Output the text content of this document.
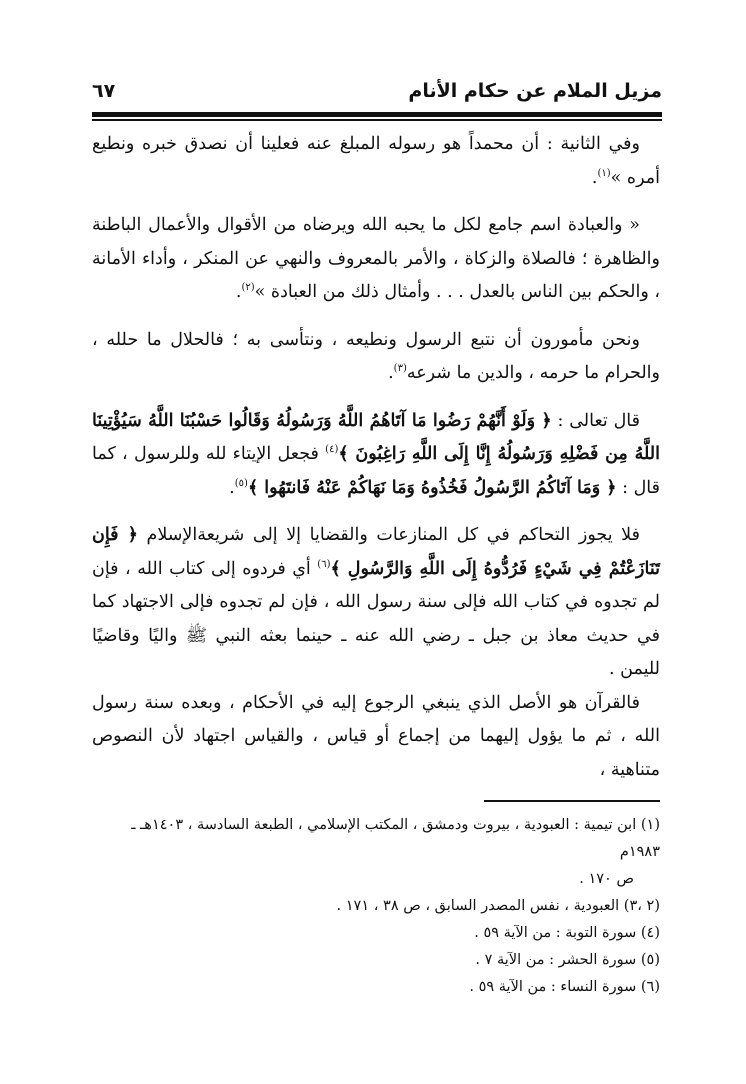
مزيل الملام عن حكام الأنام
٦٧

وفي الثانية : أن محمداً هو رسوله المبلغ عنه فعلينا أن نصدق خبره ونطيع أمره »$^{(١)}$.

« والعبادة اسم جامع لكل ما يحبه الله ويرضاه من الأقوال والأعمال الباطنة والظاهرة ؛ فالصلاة والزكاة ، والأمر بالمعروف والنهي عن المنكر ، وأداء الأمانة ، والحكم بين الناس بالعدل . . . وأمثال ذلك من العبادة »$^{(٢)}$.

ونحن مأمورون أن نتبع الرسول ونطيعه ، ونتأسى به ؛ فالحلال ما حلله ، والحرام ما حرمه ، والدين ما شرعه$^{(٣)}$.

قال تعالى : ﴿ وَلَوْ أَنَّهُمْ رَضُوا مَا آتَاهُمُ اللَّهُ وَرَسُولُهُ وَقَالُوا حَسْبُنَا اللَّهُ سَيُؤْتِينَا اللَّهُ مِن فَضْلِهِ وَرَسُولُهُ إِنَّا إِلَى اللَّهِ رَاغِبُونَ ﴾$^{(٤)}$ فجعل الإيتاء لله وللرسول ، كما قال : ﴿ وَمَا آتَاكُمُ الرَّسُولُ فَخُذُوهُ وَمَا نَهَاكُمْ عَنْهُ فَانتَهُوا ﴾$^{(٥)}$.

فلا يجوز التحاكم في كل المنازعات والقضايا إلا إلى شريعةالإسلام ﴿ فَإِن تَنَازَعْتُمْ فِي شَيْءٍ فَرُدُّوهُ إِلَى اللَّهِ وَالرَّسُولِ ﴾$^{(٦)}$ أي فردوه إلى كتاب الله ، فإن لم تجدوه في كتاب الله فإلى سنة رسول الله ، فإن لم تجدوه فإلى الاجتهاد كما في حديث معاذ بن جبل ـ رضي الله عنه ـ حينما بعثه النبي ﷺ واليًا وقاضيًا لليمن .

فالقرآن هو الأصل الذي ينبغي الرجوع إليه في الأحكام ، وبعده سنة رسول الله ، ثم ما يؤول إليهما من إجماع أو قياس ، والقياس اجتهاد لأن النصوص متناهية ،

(١) ابن تيمية : العبودية ، بيروت ودمشق ، المكتب الإسلامي ، الطبعة السادسة ، ١٤٠٣هـ ـ ١٩٨٣م
ص ١٧٠ .

(٢ ،٣) العبودية ، نفس المصدر السابق ، ص ٣٨ ، ١٧١ .

(٤) سورة التوبة : من الآية ٥٩ .

(٥) سورة الحشر : من الآية ٧ .

(٦) سورة النساء : من الآية ٥٩ .
